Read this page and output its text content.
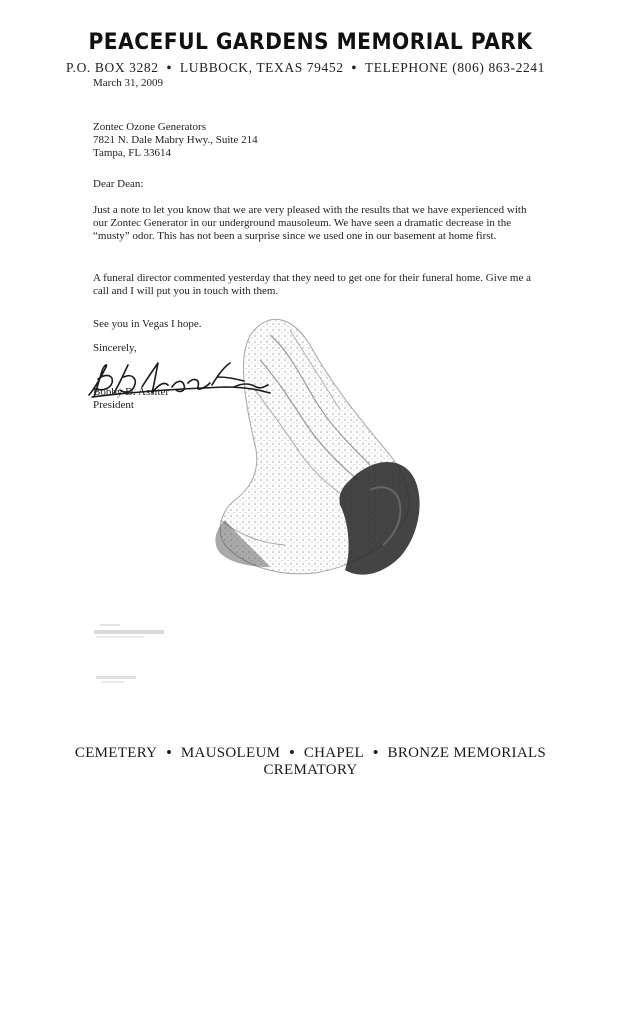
PEACEFUL GARDENS MEMORIAL PARK
P.O. BOX 3282 • LUBBOCK, TEXAS 79452 • TELEPHONE (806) 863-2241
March 31, 2009
Zontec Ozone Generators
7821 N. Dale Mabry Hwy., Suite 214
Tampa, FL 33614
Dear Dean:
Just a note to let you know that we are very pleased with the results that we have experienced with our Zontec Generator in our underground mausoleum. We have seen a dramatic decrease in the “musty” odor. This has not been a surprise since we used one in our basement at home first.
A funeral director commented yesterday that they need to get one for their funeral home. Give me a call and I will put you in touch with them.
See you in Vegas I hope.
Sincerely,
Bobby D. Assiter
President
CEMETERY • MAUSOLEUM • CHAPEL • BRONZE MEMORIALS
CREMATORY
